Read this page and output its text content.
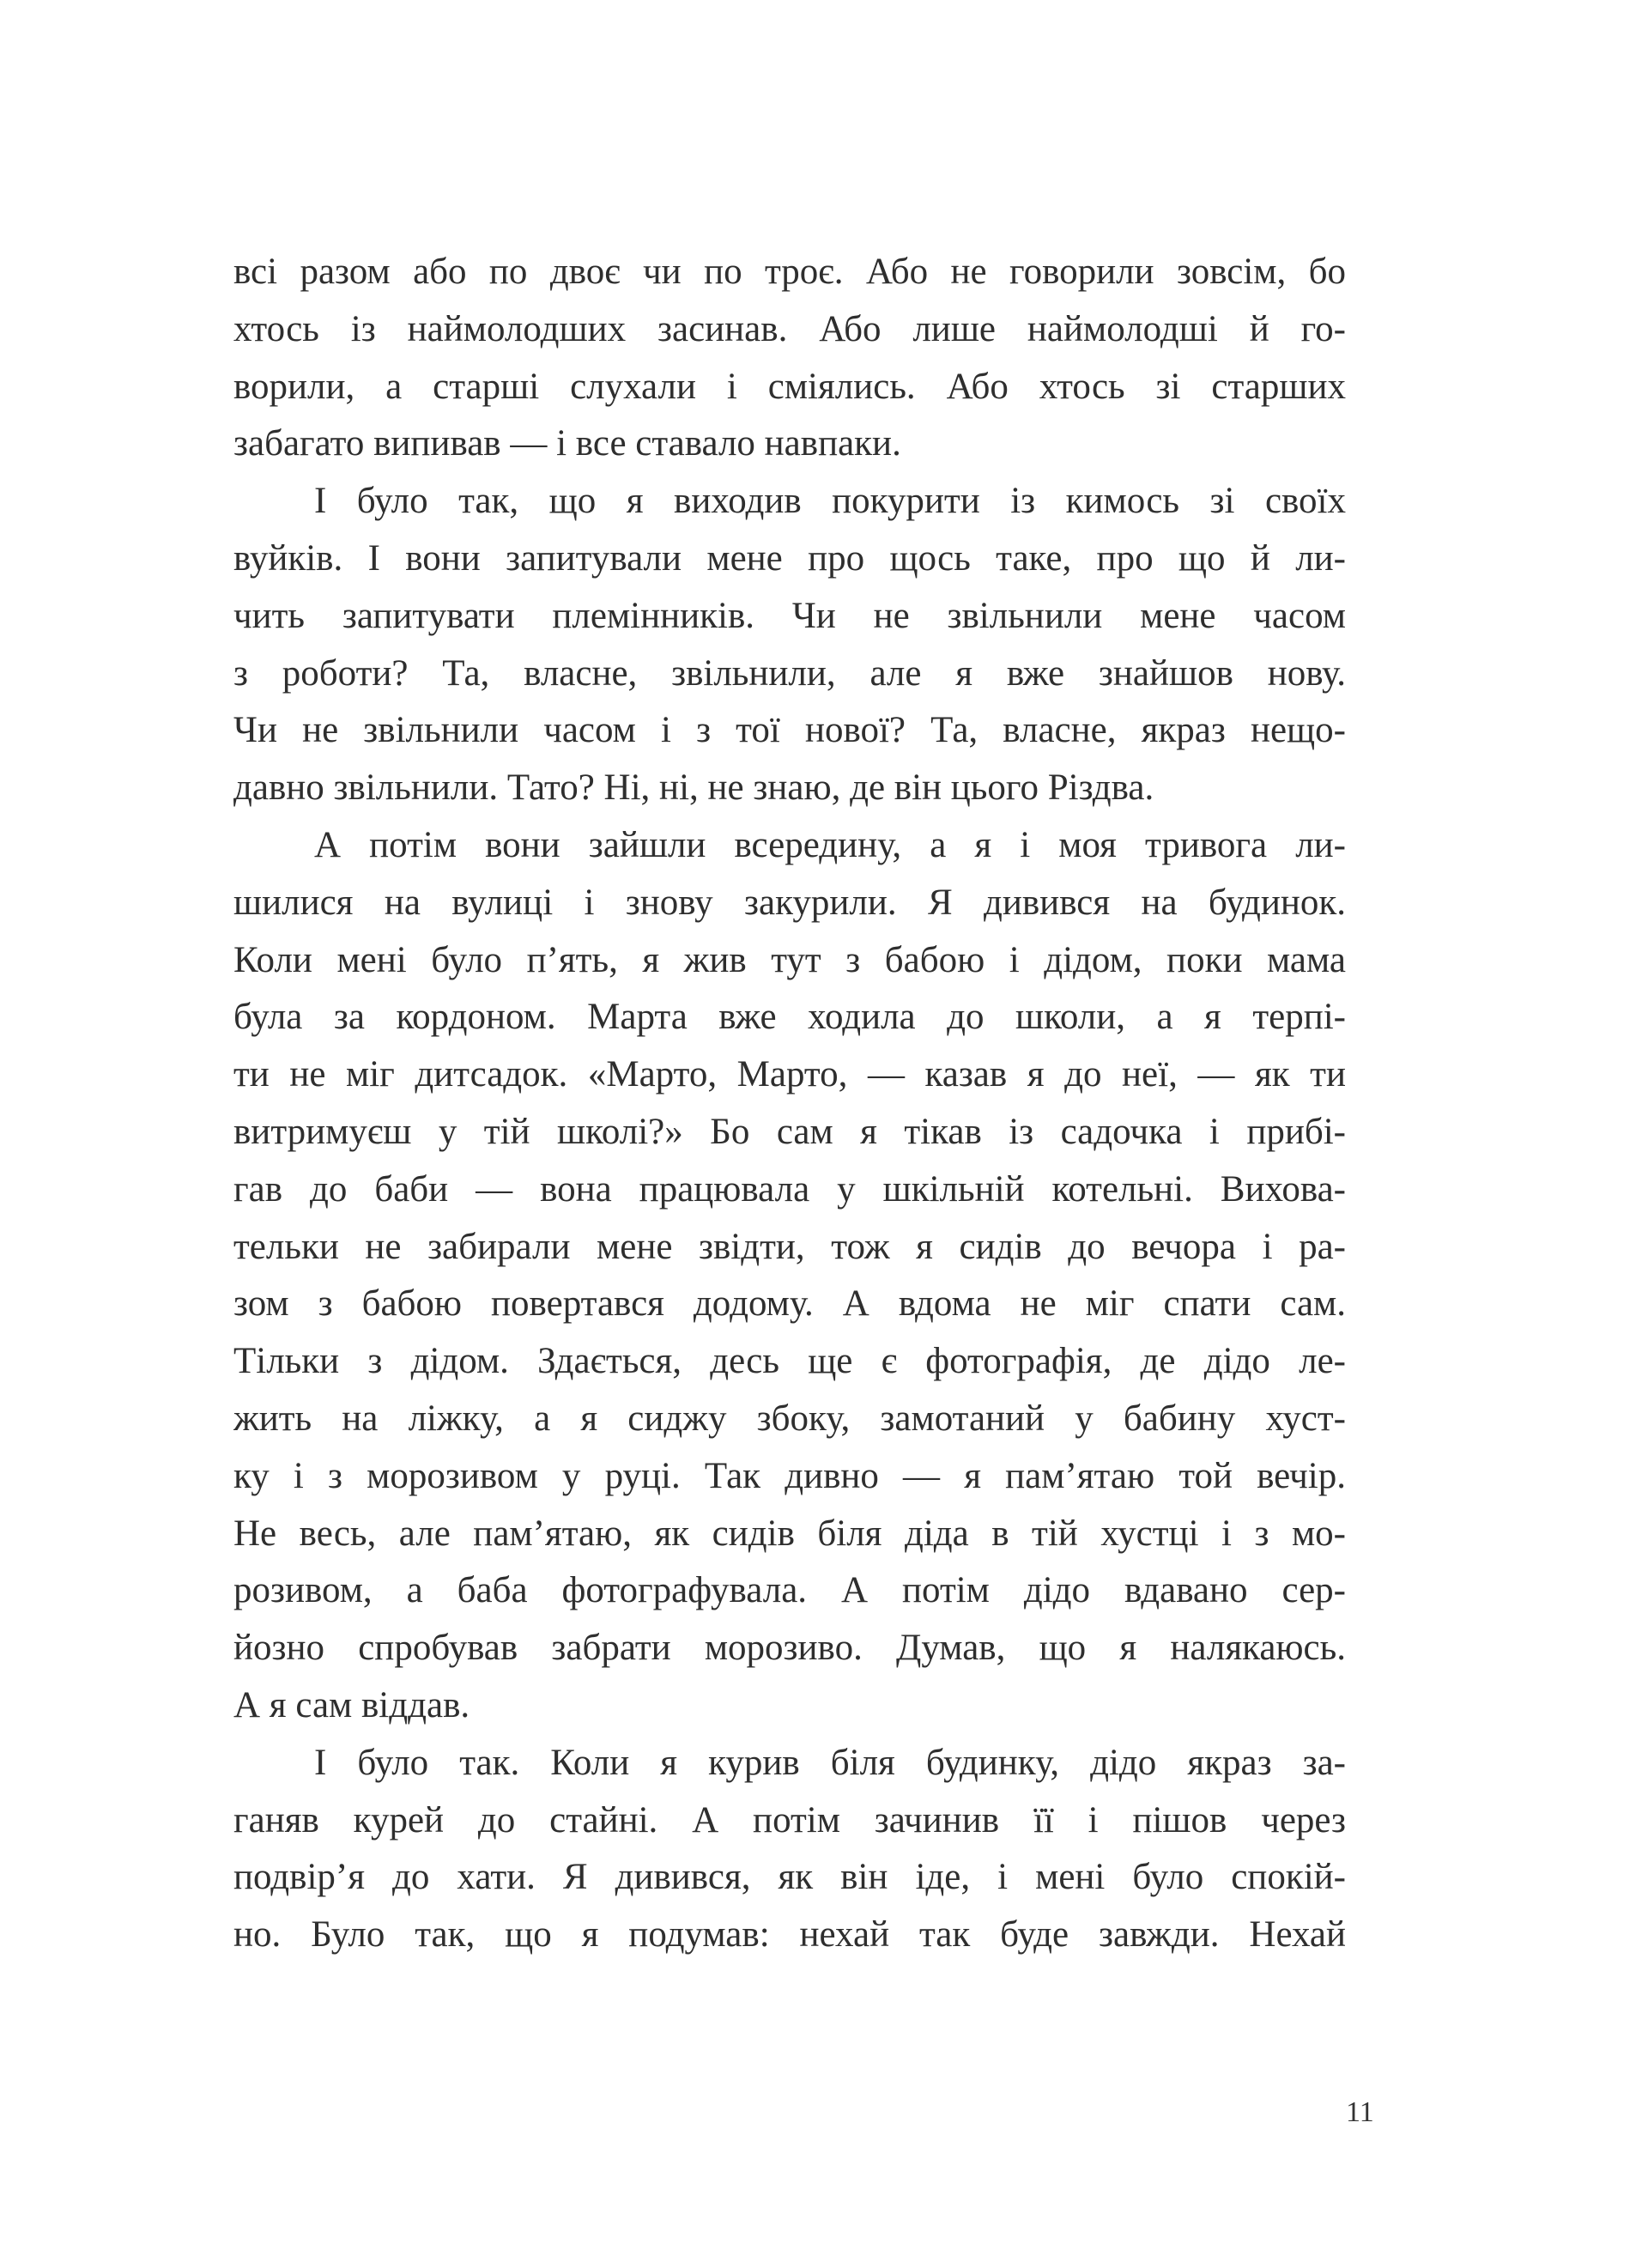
всі разом або по двоє чи по троє. Або не говорили зовсім, бо
хтось із наймолодших засинав. Або лише наймолодші й го-
ворили, а старші слухали і сміялись. Або хтось зі старших
забагато випивав — і все ставало навпаки.
І було так, що я виходив покурити із кимось зі своїх
вуйків. І вони запитували мене про щось таке, про що й ли-
чить запитувати племінників. Чи не звільнили мене часом
з роботи? Та, власне, звільнили, але я вже знайшов нову.
Чи не звільнили часом і з тої нової? Та, власне, якраз нещо-
давно звільнили. Тато? Ні, ні, не знаю, де він цього Різдва.
А потім вони зайшли всередину, а я і моя тривога ли-
шилися на вулиці і знову закурили. Я дивився на будинок.
Коли мені було п’ять, я жив тут з бабою і дідом, поки мама
була за кордоном. Марта вже ходила до школи, а я терпі-
ти не міг дитсадок. «Марто, Марто, — казав я до неї, — як ти
витримуєш у тій школі?» Бо сам я тікав із садочка і прибі-
гав до баби — вона працювала у шкільній котельні. Вихова-
тельки не забирали мене звідти, тож я сидів до вечора і ра-
зом з бабою повертався додому. А вдома не міг спати сам.
Тільки з дідом. Здається, десь ще є фотографія, де дідо ле-
жить на ліжку, а я сиджу збоку, замотаний у бабину хуст-
ку і з морозивом у руці. Так дивно — я пам’ятаю той вечір.
Не весь, але пам’ятаю, як сидів біля діда в тій хустці і з мо-
розивом, а баба фотографувала. А потім дідо вдавано сер-
йозно спробував забрати морозиво. Думав, що я налякаюсь.
А я сам віддав.
І було так. Коли я курив біля будинку, дідо якраз за-
ганяв курей до стайні. А потім зачинив її і пішов через
подвір’я до хати. Я дивився, як він іде, і мені було спокій-
но. Було так, що я подумав: нехай так буде завжди. Нехай
11
